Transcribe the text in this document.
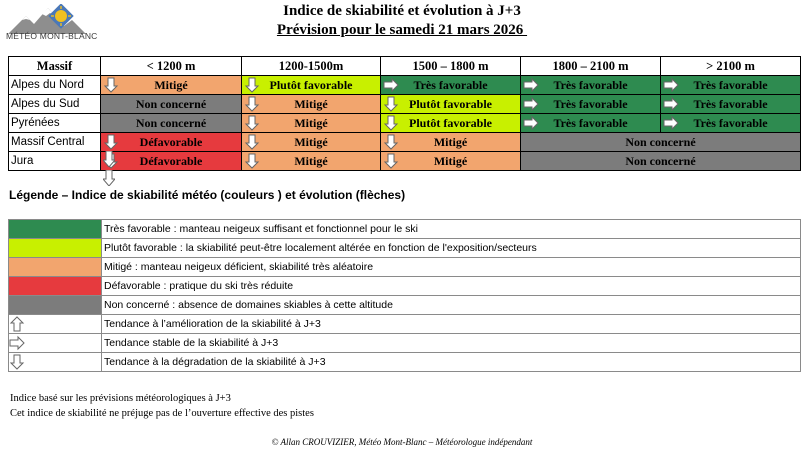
MÉTÉO MONT-BLANC
Indice de skiabilité et évolution à J+3
Prévision pour le samedi 21 mars 2026
Massif	< 1200 m	1200-1500m	1500 – 1800 m	1800 – 2100 m	> 2100 m
Alpes du Nord	Mitigé	Plutôt favorable	Très favorable	Très favorable	Très favorable
Alpes du Sud	Non concerné	Mitigé	Plutôt favorable	Très favorable	Très favorable
Pyrénées	Non concerné	Mitigé	Plutôt favorable	Très favorable	Très favorable
Massif Central	Défavorable	Mitigé	Mitigé	Non concerné	
Jura	Défavorable	Mitigé	Mitigé	Non concerné	
Légende – Indice de skiabilité météo (couleurs ) et évolution (flèches)
	Très favorable : manteau neigeux suffisant et fonctionnel pour le ski
	Plutôt favorable : la skiabilité peut-être localement altérée en fonction de l'exposition/secteurs
	Mitigé : manteau neigeux déficient, skiabilité très aléatoire
	Défavorable : pratique du ski très réduite
	Non concerné : absence de domaines skiables à cette altitude

	Tendance à l’amélioration de la skiabilité à J+3

	Tendance stable de la skiabilité à J+3

	Tendance à la dégradation de la skiabilité à J+3
Indice basé sur les prévisions météorologiques à J+3
Cet indice de skiabilité ne préjuge pas de l’ouverture effective des pistes
© Allan CROUVIZIER, Météo Mont-Blanc – Météorologue indépendant
